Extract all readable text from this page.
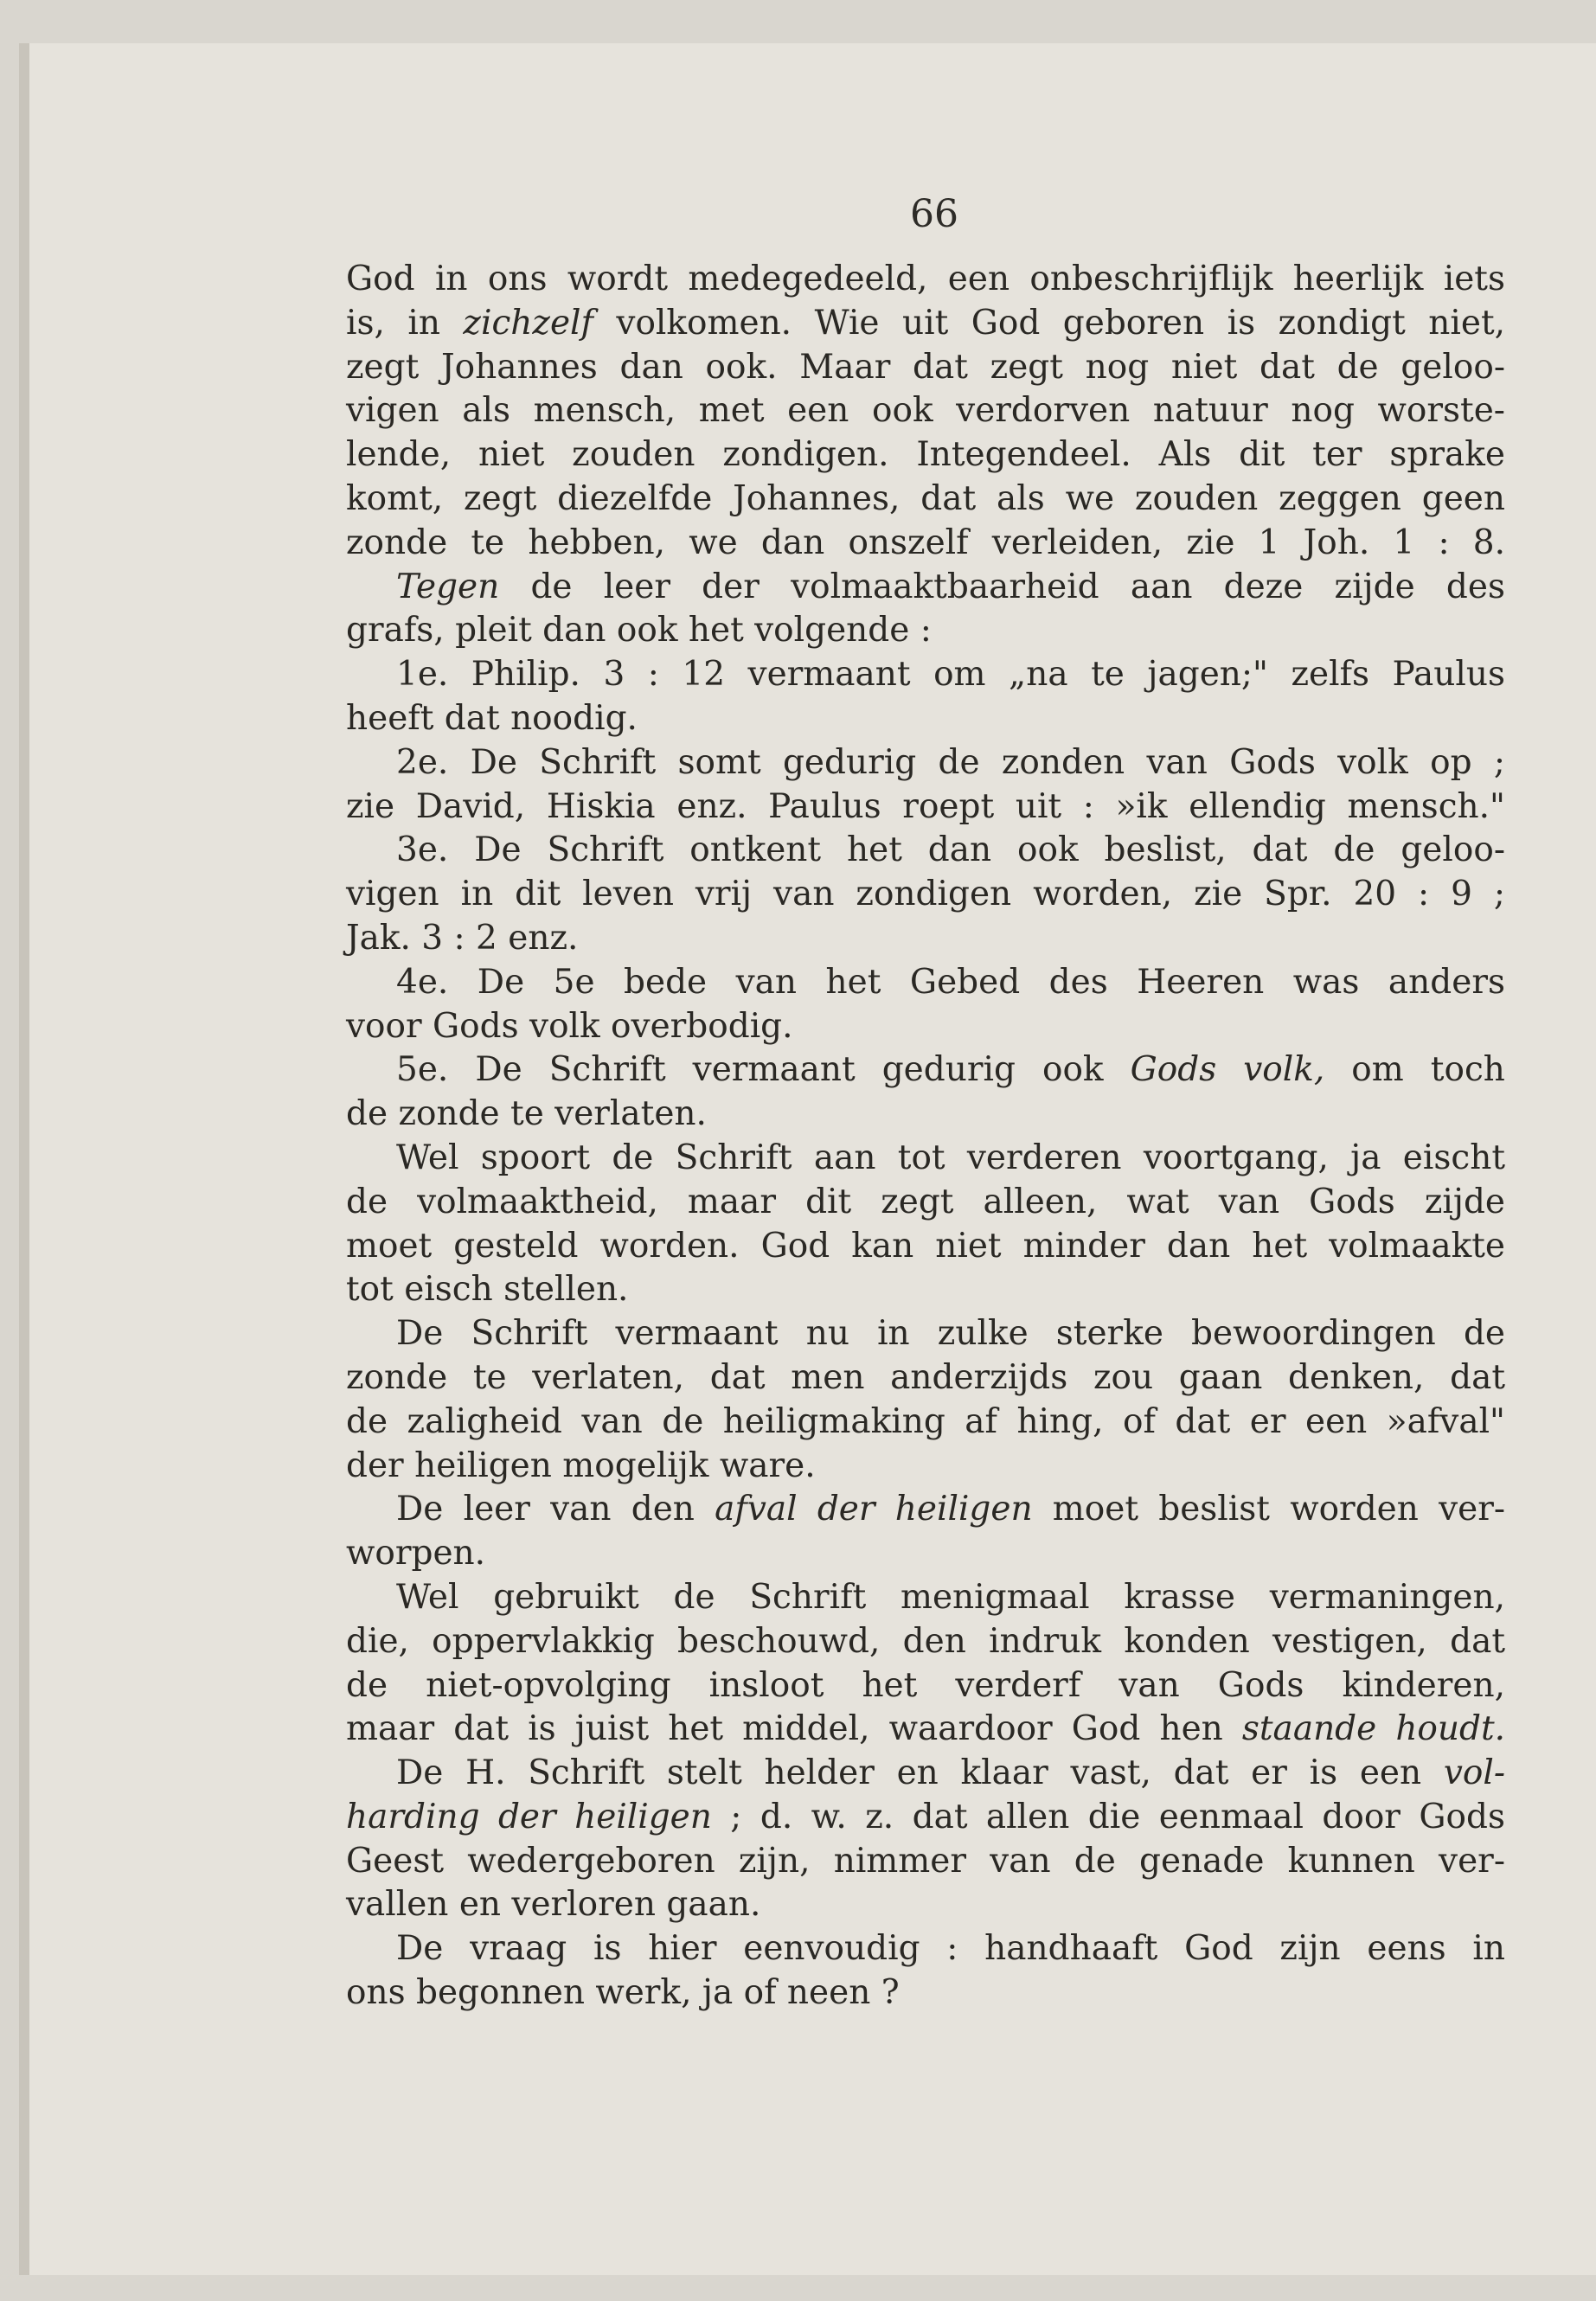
66
God in ons wordt medegedeeld, een onbeschrijflijk heerlijk iets
is, in zichzelf volkomen. Wie uit God geboren is zondigt niet,
zegt Johannes dan ook. Maar dat zegt nog niet dat de geloo-
vigen als mensch, met een ook verdorven natuur nog worste-
lende, niet zouden zondigen. Integendeel. Als dit ter sprake
komt, zegt diezelfde Johannes, dat als we zouden zeggen geen
zonde te hebben, we dan onszelf verleiden, zie 1 Joh. 1 : 8.
Tegen de leer der volmaaktbaarheid aan deze zijde des
grafs, pleit dan ook het volgende :
1e. Philip. 3 : 12 vermaant om „na te jagen;" zelfs Paulus
heeft dat noodig.
2e. De Schrift somt gedurig de zonden van Gods volk op ;
zie David, Hiskia enz. Paulus roept uit : »ik ellendig mensch."
3e. De Schrift ontkent het dan ook beslist, dat de geloo-
vigen in dit leven vrij van zondigen worden, zie Spr. 20 : 9 ;
Jak. 3 : 2 enz.
4e. De 5e bede van het Gebed des Heeren was anders
voor Gods volk overbodig.
5e. De Schrift vermaant gedurig ook Gods volk, om toch
de zonde te verlaten.
Wel spoort de Schrift aan tot verderen voortgang, ja eischt
de volmaaktheid, maar dit zegt alleen, wat van Gods zijde
moet gesteld worden. God kan niet minder dan het volmaakte
tot eisch stellen.
De Schrift vermaant nu in zulke sterke bewoordingen de
zonde te verlaten, dat men anderzijds zou gaan denken, dat
de zaligheid van de heiligmaking af hing, of dat er een »afval"
der heiligen mogelijk ware.
De leer van den afval der heiligen moet beslist worden ver-
worpen.
Wel gebruikt de Schrift menigmaal krasse vermaningen,
die, oppervlakkig beschouwd, den indruk konden vestigen, dat
de niet-opvolging insloot het verderf van Gods kinderen,
maar dat is juist het middel, waardoor God hen staande houdt.
De H. Schrift stelt helder en klaar vast, dat er is een vol-
harding der heiligen ; d. w. z. dat allen die eenmaal door Gods
Geest wedergeboren zijn, nimmer van de genade kunnen ver-
vallen en verloren gaan.
De vraag is hier eenvoudig : handhaaft God zijn eens in
ons begonnen werk, ja of neen ?
